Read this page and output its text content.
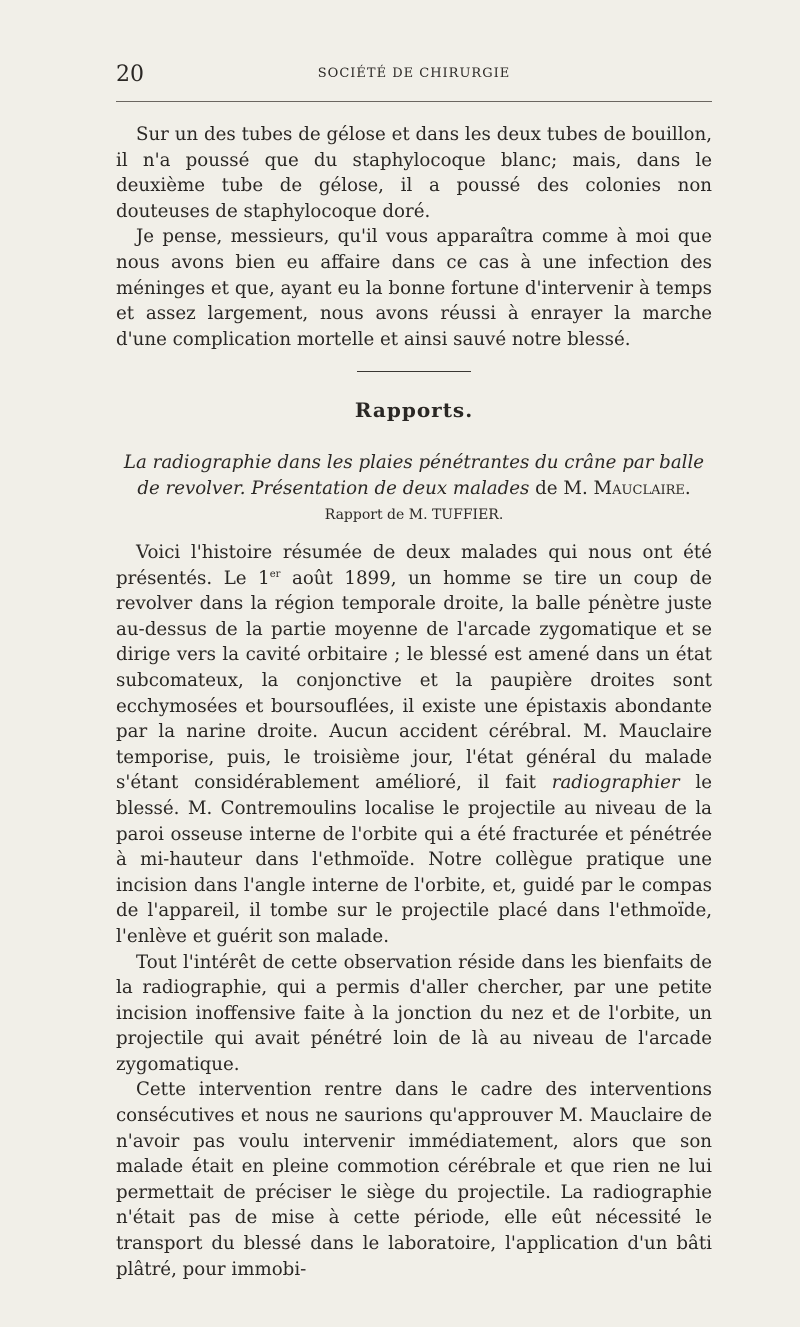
20	SOCIÉTÉ DE CHIRURGIE

Sur un des tubes de gélose et dans les deux tubes de bouillon, il n'a poussé que du staphylocoque blanc; mais, dans le deuxième tube de gélose, il a poussé des colonies non douteuses de staphylocoque doré.

Je pense, messieurs, qu'il vous apparaîtra comme à moi que nous avons bien eu affaire dans ce cas à une infection des méninges et que, ayant eu la bonne fortune d'intervenir à temps et assez largement, nous avons réussi à enrayer la marche d'une complication mortelle et ainsi sauvé notre blessé.

Rapports.
La radiographie dans les plaies pénétrantes du crâne par balle de revolver. Présentation de deux malades de M. Mauclaire.
Rapport de M. TUFFIER.

Voici l'histoire résumée de deux malades qui nous ont été présentés. Le 1er août 1899, un homme se tire un coup de revolver dans la région temporale droite, la balle pénètre juste au-dessus de la partie moyenne de l'arcade zygomatique et se dirige vers la cavité orbitaire ; le blessé est amené dans un état subcomateux, la conjonctive et la paupière droites sont ecchymosées et boursouflées, il existe une épistaxis abondante par la narine droite. Aucun accident cérébral. M. Mauclaire temporise, puis, le troisième jour, l'état général du malade s'étant considérablement amélioré, il fait radiographier le blessé. M. Contremoulins localise le projectile au niveau de la paroi osseuse interne de l'orbite qui a été fracturée et pénétrée à mi-hauteur dans l'ethmoïde. Notre collègue pratique une incision dans l'angle interne de l'orbite, et, guidé par le compas de l'appareil, il tombe sur le projectile placé dans l'ethmoïde, l'enlève et guérit son malade.

Tout l'intérêt de cette observation réside dans les bienfaits de la radiographie, qui a permis d'aller chercher, par une petite incision inoffensive faite à la jonction du nez et de l'orbite, un projectile qui avait pénétré loin de là au niveau de l'arcade zygomatique.

Cette intervention rentre dans le cadre des interventions consécutives et nous ne saurions qu'approuver M. Mauclaire de n'avoir pas voulu intervenir immédiatement, alors que son malade était en pleine commotion cérébrale et que rien ne lui permettait de préciser le siège du projectile. La radiographie n'était pas de mise à cette période, elle eût nécessité le transport du blessé dans le laboratoire, l'application d'un bâti plâtré, pour immobi-
